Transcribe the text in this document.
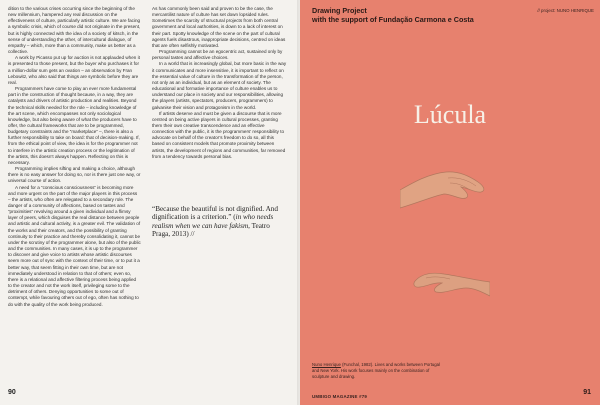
dition to the various crises occurring since the beginning of the new millennium, hampered any real discussion on the effectiveness of culture, particularly artistic culture. We are facing a symbolic crisis, which of course did not originate in the present, but is highly connected with the idea of a society of kitsch, in the sense of understanding the other, of intercultural dialogue, of empathy – which, more than a community, make us better as a collective.

A work by Picasso put up for auction is not applauded when it is presented to those present, but the buyer who purchases it for a million-dollar sum gets an ovation – an observation by Fran Lebowitz, who also said that things are symbolic before they are real.

Programmers have come to play an ever more fundamental part in the construction of thought because, in a way, they are catalysts and drivers of artistic production and realities. Beyond the technical skills needed for the role – including knowledge of the art scene, which encompasses not only sociological knowledge, but also being aware of what the producers have to offer, the cultural frameworks that are to be programmed, budgetary constraints and the “marketplace” –, there is also a further responsibility to take on board: that of decision-making. If, from the ethical point of view, the idea is for the programmer not to interfere in the artistic creation process or the legitimation of the artists, this doesn’t always happen. Reflecting on this is necessary.

Programming implies sifting and making a choice, although there is no easy answer for doing so, nor is there just one way, or universal course of action.

A need for a “conscious consciousness” is becoming more and more urgent on the part of the major players in this process – the artists, who often are relegated to a secondary role. The danger of a community of affections, based on tastes and “proximities” revolving around a given individual and a flimsy layer of peers, which disguises the real distance between people and artistic and cultural activity, is a greater evil. The validation of the works and their creators, and the possibility of granting continuity to their practice and thereby consolidating it, cannot be under the scrutiny of the programmer alone, but also of the public and the communities. In many cases, it is up to the programmer to discover and give voice to artists whose artistic discourses seem more out of sync with the context of their time, or to put it a better way, that seem fitting in their own time, but are not immediately understood in relation to that of others; even so, there is a relational and affective filtering process being applied to the creator and not the work itself, privileging some to the detriment of others. Denying opportunities to some out of contempt, while favouring others out of ego, often has nothing to do with the quality of the work being produced.

As has commonly been said and proven to be the case, the mercantilist nature of culture has set down lopsided rules. Sometimes the scarcity of structural projects from both central government and local authorities, is down to a lack of interest on their part. Spotty knowledge of the scene on the part of cultural agents fuels disastrous, inappropriate decisions, centred on ideas that are often selfishly motivated.

Programming cannot be an egocentric act, sustained only by personal tastes and affective choices.

In a world that is increasingly global, but more basic in the way it communicates and more insensitive, it is important to reflect on the essential value of culture in the transformation of the person, not only as an individual, but as an element of society. The educational and formative importance of culture enables us to understand our place in society and our responsibilities, allowing the players (artists, spectators, producers, programmers) to galvanise their vision and protagonism in the world.

If artists deserve and must be given a discourse that is more centred on being active players in cultural processes, granting them their own creative transcendence and an effective connection with the public, it is the programmers’ responsibility to advocate on behalf of the creator’s freedom to do so, all this based on consistent models that promote proximity between artists, the development of regions and communities, far removed from a tendency towards personal bias.

“Because the beautiful is not dignified. And dignification is a criterion.” (in who needs realism when we can have fakism, Teatro Praga, 2013) //

90

Drawing Project
with the support of Fundação Carmona e Costa

// project: NUNO HENRIQUE
Lúcula

Nuno Henrique (Funchal, 1982). Lives and works between Portugal and New York. His work focuses mainly on the combination of sculpture and drawing.

UMBIGO MAGAZINE #79
91
